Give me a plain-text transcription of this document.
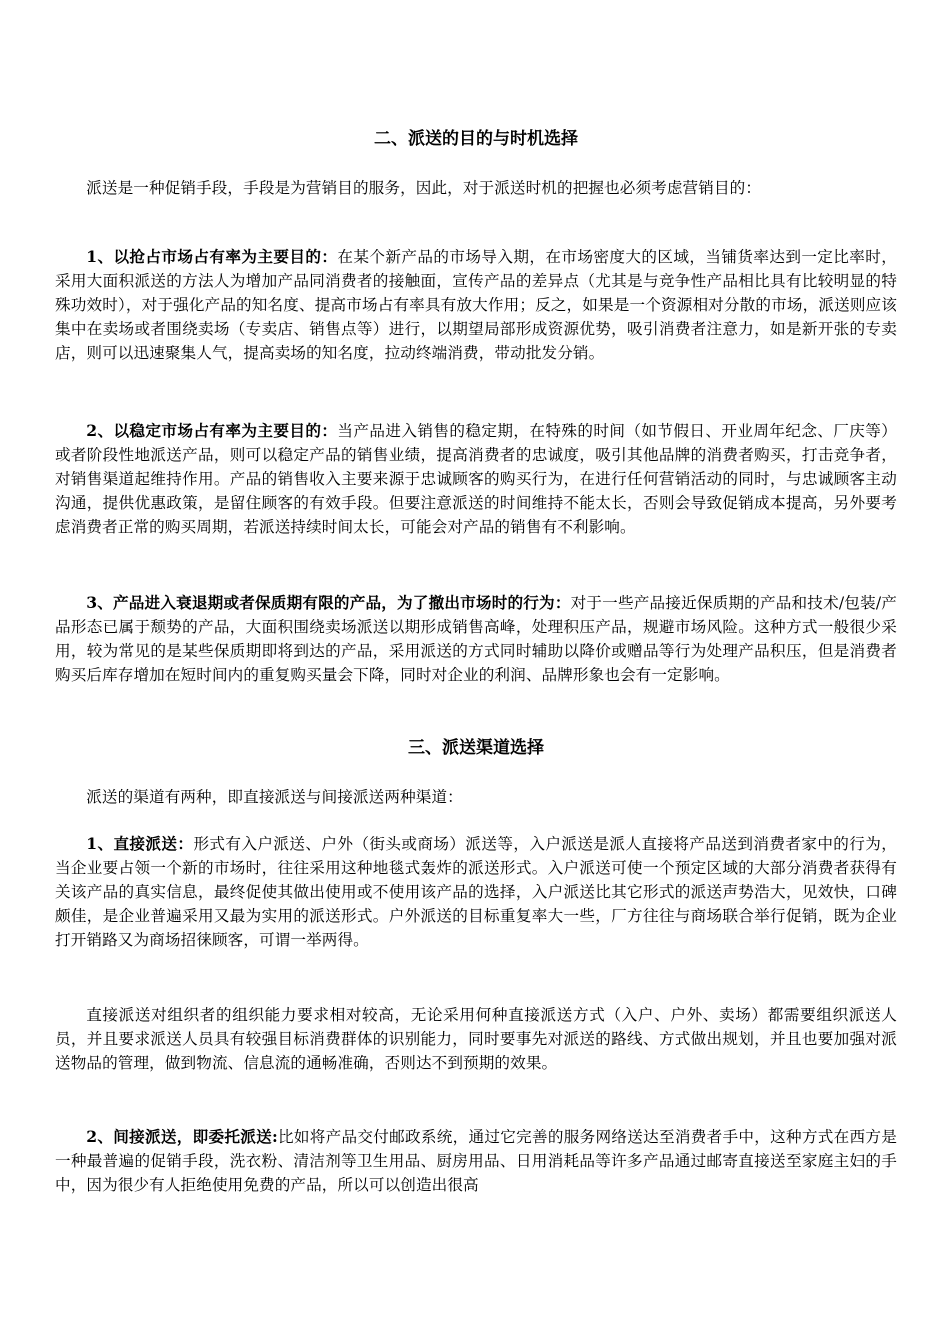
二、派送的目的与时机选择

派送是一种促销手段，手段是为营销目的服务，因此，对于派送时机的把握也必须考虑营销目的：

1、以抢占市场占有率为主要目的：在某个新产品的市场导入期，在市场密度大的区域，当铺货率达到一定比率时，采用大面积派送的方法人为增加产品同消费者的接触面，宣传产品的差异点（尤其是与竞争性产品相比具有比较明显的特殊功效时），对于强化产品的知名度、提高市场占有率具有放大作用；反之，如果是一个资源相对分散的市场，派送则应该集中在卖场或者围绕卖场（专卖店、销售点等）进行，以期望局部形成资源优势，吸引消费者注意力，如是新开张的专卖店，则可以迅速聚集人气，提高卖场的知名度，拉动终端消费，带动批发分销。

2、以稳定市场占有率为主要目的：当产品进入销售的稳定期，在特殊的时间（如节假日、开业周年纪念、厂庆等）或者阶段性地派送产品，则可以稳定产品的销售业绩，提高消费者的忠诚度，吸引其他品牌的消费者购买，打击竞争者，对销售渠道起维持作用。产品的销售收入主要来源于忠诚顾客的购买行为，在进行任何营销活动的同时，与忠诚顾客主动沟通，提供优惠政策，是留住顾客的有效手段。但要注意派送的时间维持不能太长，否则会导致促销成本提高，另外要考虑消费者正常的购买周期，若派送持续时间太长，可能会对产品的销售有不利影响。

3、产品进入衰退期或者保质期有限的产品，为了撤出市场时的行为：对于一些产品接近保质期的产品和技术/包装/产品形态已属于颓势的产品，大面积围绕卖场派送以期形成销售高峰，处理积压产品，规避市场风险。这种方式一般很少采用，较为常见的是某些保质期即将到达的产品，采用派送的方式同时辅助以降价或赠品等行为处理产品积压，但是消费者购买后库存增加在短时间内的重复购买量会下降，同时对企业的利润、品牌形象也会有一定影响。

三、派送渠道选择

派送的渠道有两种，即直接派送与间接派送两种渠道：

1、直接派送：形式有入户派送、户外（街头或商场）派送等，入户派送是派人直接将产品送到消费者家中的行为，当企业要占领一个新的市场时，往往采用这种地毯式轰炸的派送形式。入户派送可使一个预定区域的大部分消费者获得有关该产品的真实信息，最终促使其做出使用或不使用该产品的选择，入户派送比其它形式的派送声势浩大，见效快，口碑颇佳，是企业普遍采用又最为实用的派送形式。户外派送的目标重复率大一些，厂方往往与商场联合举行促销，既为企业打开销路又为商场招徕顾客，可谓一举两得。

直接派送对组织者的组织能力要求相对较高，无论采用何种直接派送方式（入户、户外、卖场）都需要组织派送人员，并且要求派送人员具有较强目标消费群体的识别能力，同时要事先对派送的路线、方式做出规划，并且也要加强对派送物品的管理，做到物流、信息流的通畅准确，否则达不到预期的效果。

2、间接派送，即委托派送:比如将产品交付邮政系统，通过它完善的服务网络送达至消费者手中，这种方式在西方是一种最普遍的促销手段，洗衣粉、清洁剂等卫生用品、厨房用品、日用消耗品等许多产品通过邮寄直接送至家庭主妇的手中，因为很少有人拒绝使用免费的产品，所以可以创造出很高
